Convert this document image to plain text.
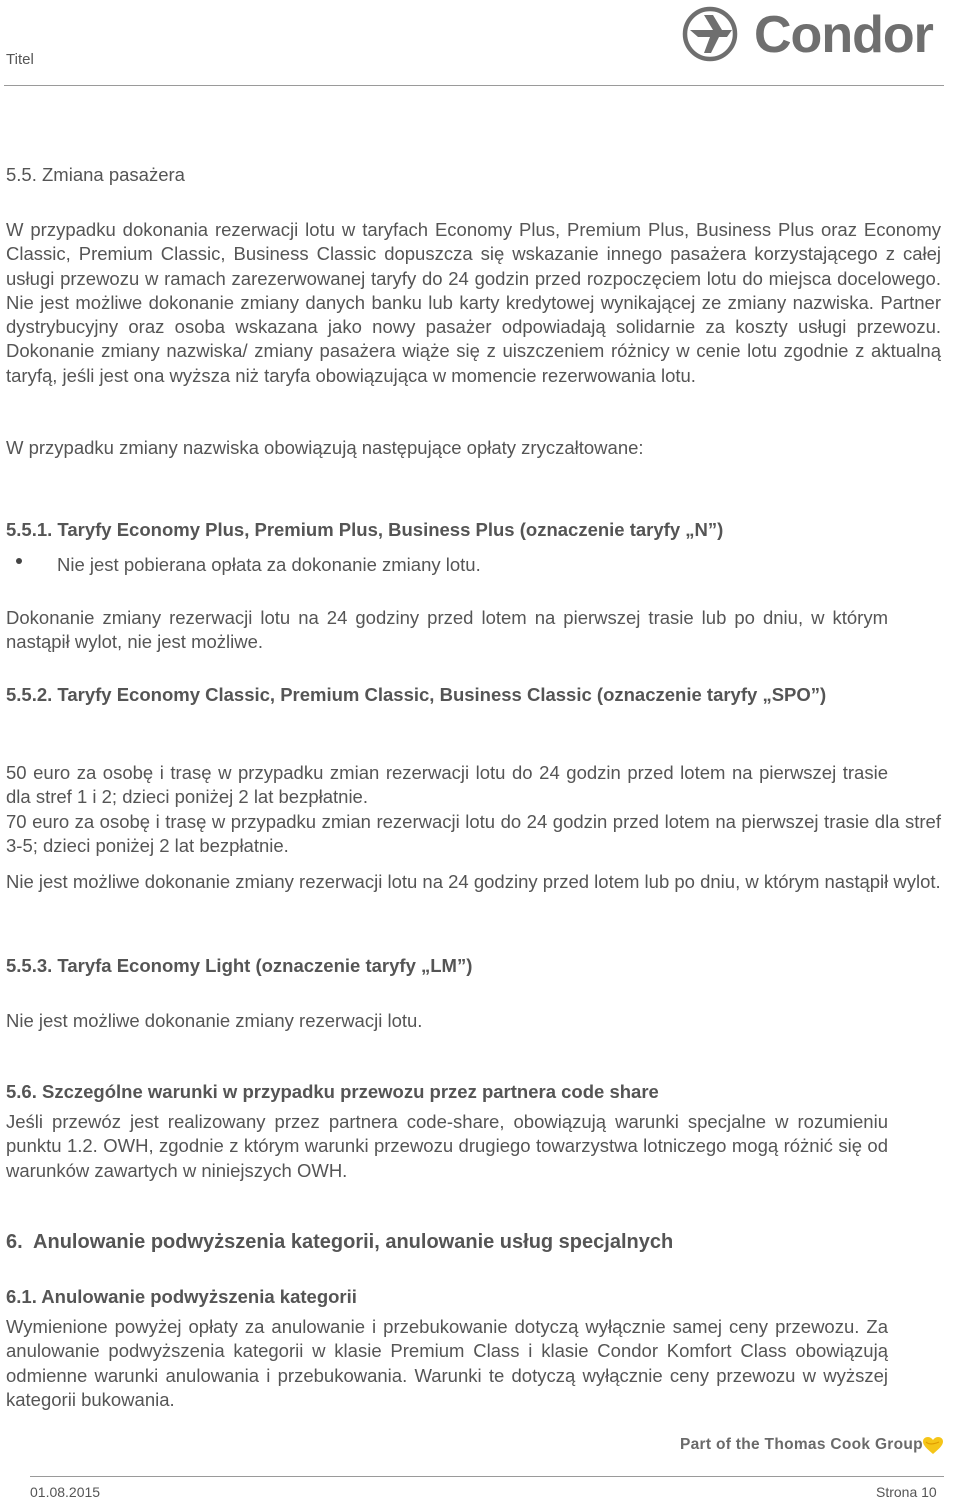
Titel	Condor
5.5. Zmiana pasażera
W przypadku dokonania rezerwacji lotu w taryfach Economy Plus, Premium Plus, Business Plus oraz Economy Classic, Premium Classic, Business Classic dopuszcza się wskazanie innego pasażera korzystającego z całej usługi przewozu w ramach zarezerwowanej taryfy do 24 godzin przed rozpoczęciem lotu do miejsca docelowego. Nie jest możliwe dokonanie zmiany danych banku lub karty kredytowej wynikającej ze zmiany nazwiska. Partner dystrybucyjny oraz osoba wskazana jako nowy pasażer odpowiadają solidarnie za koszty usługi przewozu. Dokonanie zmiany nazwiska/ zmiany pasażera wiąże się z uiszczeniem różnicy w cenie lotu zgodnie z aktualną taryfą, jeśli jest ona wyższa niż taryfa obowiązująca w momencie rezerwowania lotu.
W przypadku zmiany nazwiska obowiązują następujące opłaty zryczałtowane:
5.5.1. Taryfy Economy Plus, Premium Plus, Business Plus (oznaczenie taryfy „N”)
Nie jest pobierana opłata za dokonanie zmiany lotu.
Dokonanie zmiany rezerwacji lotu na 24 godziny przed lotem na pierwszej trasie lub po dniu, w którym nastąpił wylot, nie jest możliwe.
5.5.2. Taryfy Economy Classic, Premium Classic, Business Classic (oznaczenie taryfy „SPO”)
50 euro za osobę i trasę w przypadku zmian rezerwacji lotu do 24 godzin przed lotem na pierwszej trasie dla stref 1 i 2; dzieci poniżej 2 lat bezpłatnie.
70 euro za osobę i trasę w przypadku zmian rezerwacji lotu do 24 godzin przed lotem na pierwszej trasie dla stref 3-5; dzieci poniżej 2 lat bezpłatnie.
Nie jest możliwe dokonanie zmiany rezerwacji lotu na 24 godziny przed lotem lub po dniu, w którym nastąpił wylot.
5.5.3. Taryfa Economy Light (oznaczenie taryfy „LM”)
Nie jest możliwe dokonanie zmiany rezerwacji lotu.
5.6. Szczególne warunki w przypadku przewozu przez partnera code share
Jeśli przewóz jest realizowany przez partnera code-share, obowiązują warunki specjalne w rozumieniu punktu 1.2. OWH, zgodnie z którym warunki przewozu drugiego towarzystwa lotniczego mogą różnić się od warunków zawartych w niniejszych OWH.
6.  Anulowanie podwyższenia kategorii, anulowanie usług specjalnych
6.1. Anulowanie podwyższenia kategorii
Wymienione powyżej opłaty za anulowanie i przebukowanie dotyczą wyłącznie samej ceny przewozu. Za anulowanie podwyższenia kategorii w klasie Premium Class i klasie Condor Komfort Class obowiązują odmienne warunki anulowania i przebukowania. Warunki te dotyczą wyłącznie ceny przewozu w wyższej kategorii bukowania.
Part of the Thomas Cook Group
01.08.2015	Strona 10
